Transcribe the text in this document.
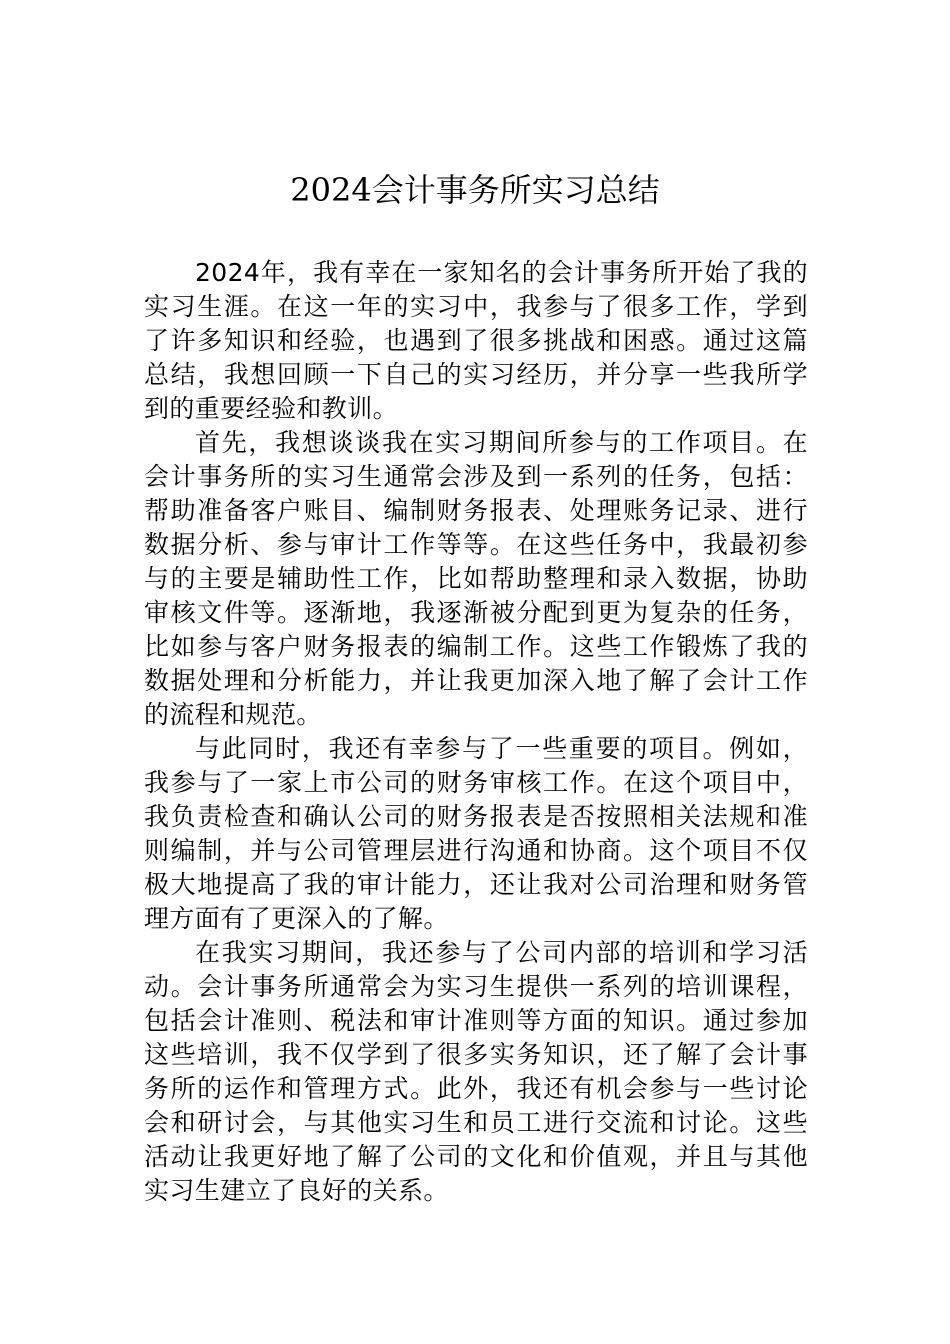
2024会计事务所实习总结
2024年，我有幸在一家知名的会计事务所开始了我的
实习生涯。在这一年的实习中，我参与了很多工作，学到
了许多知识和经验，也遇到了很多挑战和困惑。通过这篇
总结，我想回顾一下自己的实习经历，并分享一些我所学
到的重要经验和教训。
首先，我想谈谈我在实习期间所参与的工作项目。在
会计事务所的实习生通常会涉及到一系列的任务，包括：
帮助准备客户账目、编制财务报表、处理账务记录、进行
数据分析、参与审计工作等等。在这些任务中，我最初参
与的主要是辅助性工作，比如帮助整理和录入数据，协助
审核文件等。逐渐地，我逐渐被分配到更为复杂的任务，
比如参与客户财务报表的编制工作。这些工作锻炼了我的
数据处理和分析能力，并让我更加深入地了解了会计工作
的流程和规范。
与此同时，我还有幸参与了一些重要的项目。例如，
我参与了一家上市公司的财务审核工作。在这个项目中，
我负责检查和确认公司的财务报表是否按照相关法规和准
则编制，并与公司管理层进行沟通和协商。这个项目不仅
极大地提高了我的审计能力，还让我对公司治理和财务管
理方面有了更深入的了解。
在我实习期间，我还参与了公司内部的培训和学习活
动。会计事务所通常会为实习生提供一系列的培训课程，
包括会计准则、税法和审计准则等方面的知识。通过参加
这些培训，我不仅学到了很多实务知识，还了解了会计事
务所的运作和管理方式。此外，我还有机会参与一些讨论
会和研讨会，与其他实习生和员工进行交流和讨论。这些
活动让我更好地了解了公司的文化和价值观，并且与其他
实习生建立了良好的关系。
